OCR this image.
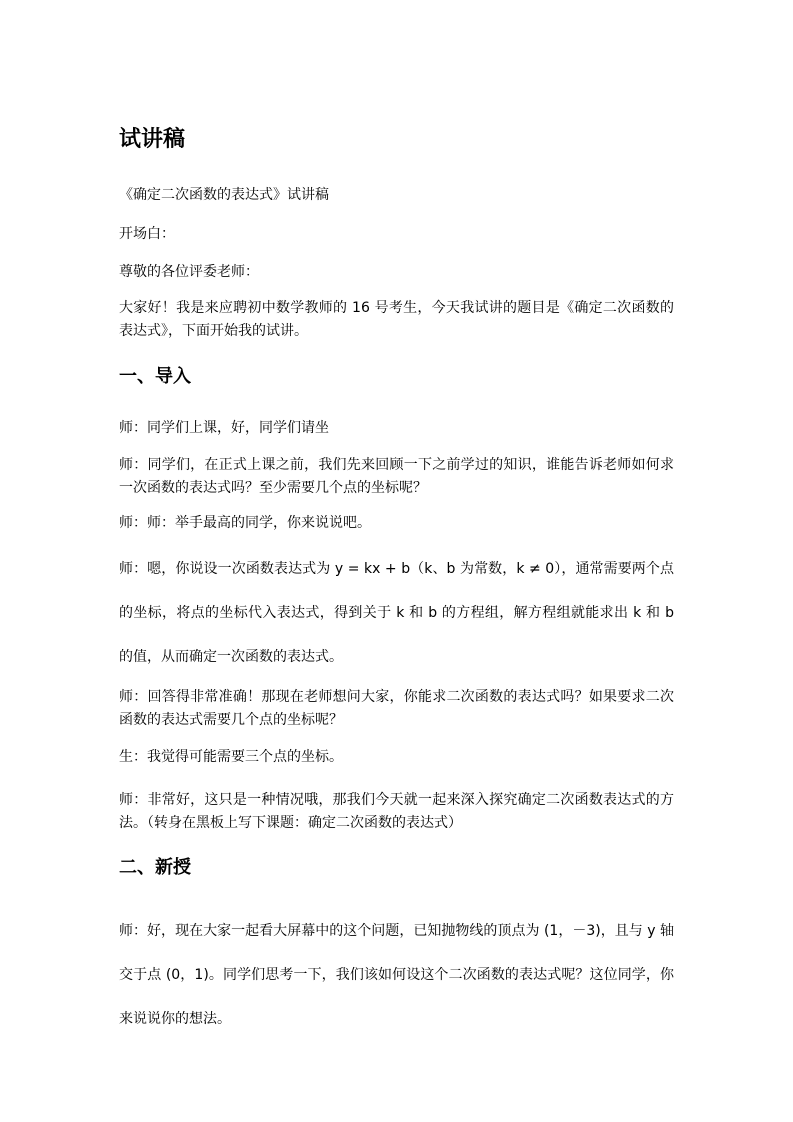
试讲稿

《确定二次函数的表达式》试讲稿

开场白：

尊敬的各位评委老师：

大家好！我是来应聘初中数学教师的 16 号考生，今天我试讲的题目是《确定二次函数的表达式》，下面开始我的试讲。

一、导入

师：同学们上课，好，同学们请坐

师：同学们，在正式上课之前，我们先来回顾一下之前学过的知识，谁能告诉老师如何求一次函数的表达式吗？至少需要几个点的坐标呢？

师：师：举手最高的同学，你来说说吧。

师：嗯，你说设一次函数表达式为 y = kx + b（k、b 为常数，k ≠ 0），通常需要两个点的坐标，将点的坐标代入表达式，得到关于 k 和 b 的方程组，解方程组就能求出 k 和 b 的值，从而确定一次函数的表达式。

师：回答得非常准确！那现在老师想问大家，你能求二次函数的表达式吗？如果要求二次函数的表达式需要几个点的坐标呢？

生：我觉得可能需要三个点的坐标。

师：非常好，这只是一种情况哦，那我们今天就一起来深入探究确定二次函数表达式的方法。（转身在黑板上写下课题：确定二次函数的表达式）

二、新授

师：好，现在大家一起看大屏幕中的这个问题，已知抛物线的顶点为 (1，－3)，且与 y 轴交于点 (0，1)。同学们思考一下，我们该如何设这个二次函数的表达式呢？这位同学，你来说说你的想法。
